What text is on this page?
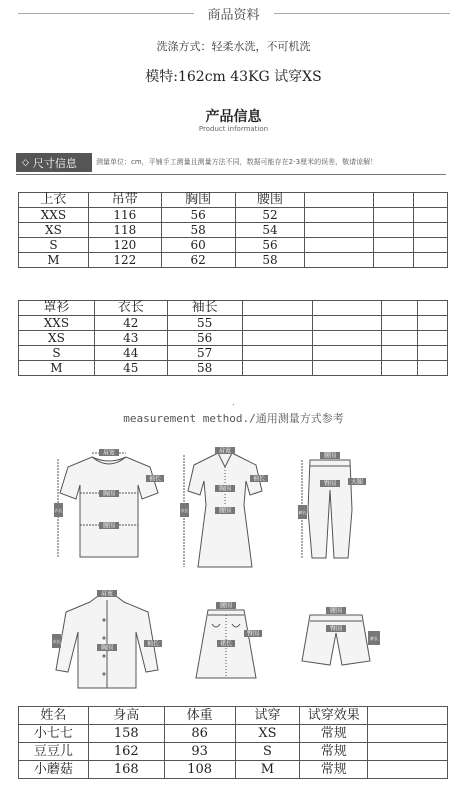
商品资料
洗涤方式：轻柔水洗，不可机洗
模特:162cm 43KG 试穿XS
产品信息
Product information
◇ 尺寸信息	测量单位：cm，平铺手工测量且测量方法不同，数据可能存在2-3厘米的误差，敬请谅解！
上衣	吊带	胸围	腰围			
XXS	116	56	52			
XS	118	58	54			
S	120	60	56			
M	122	62	58			
罩衫	衣长	袖长				
XXS	42	55				
XS	43	56				
S	44	57				
M	45	58				
.
measurement method./通用测量方式参考
肩宽
衣长
胸围
腰围
袖长
肩宽
衣长
胸围
腰围
袖长
腰围
裤长
臀围 大腿
肩宽
衣长
胸围
袖长
腰围
裙长
臀围
腰围
裤长
臀围
姓名	身高	体重	试穿	试穿效果	
小七七	158	86	XS	常规	
豆豆儿	162	93	S	常规	
小蘑菇	168	108	M	常规	
